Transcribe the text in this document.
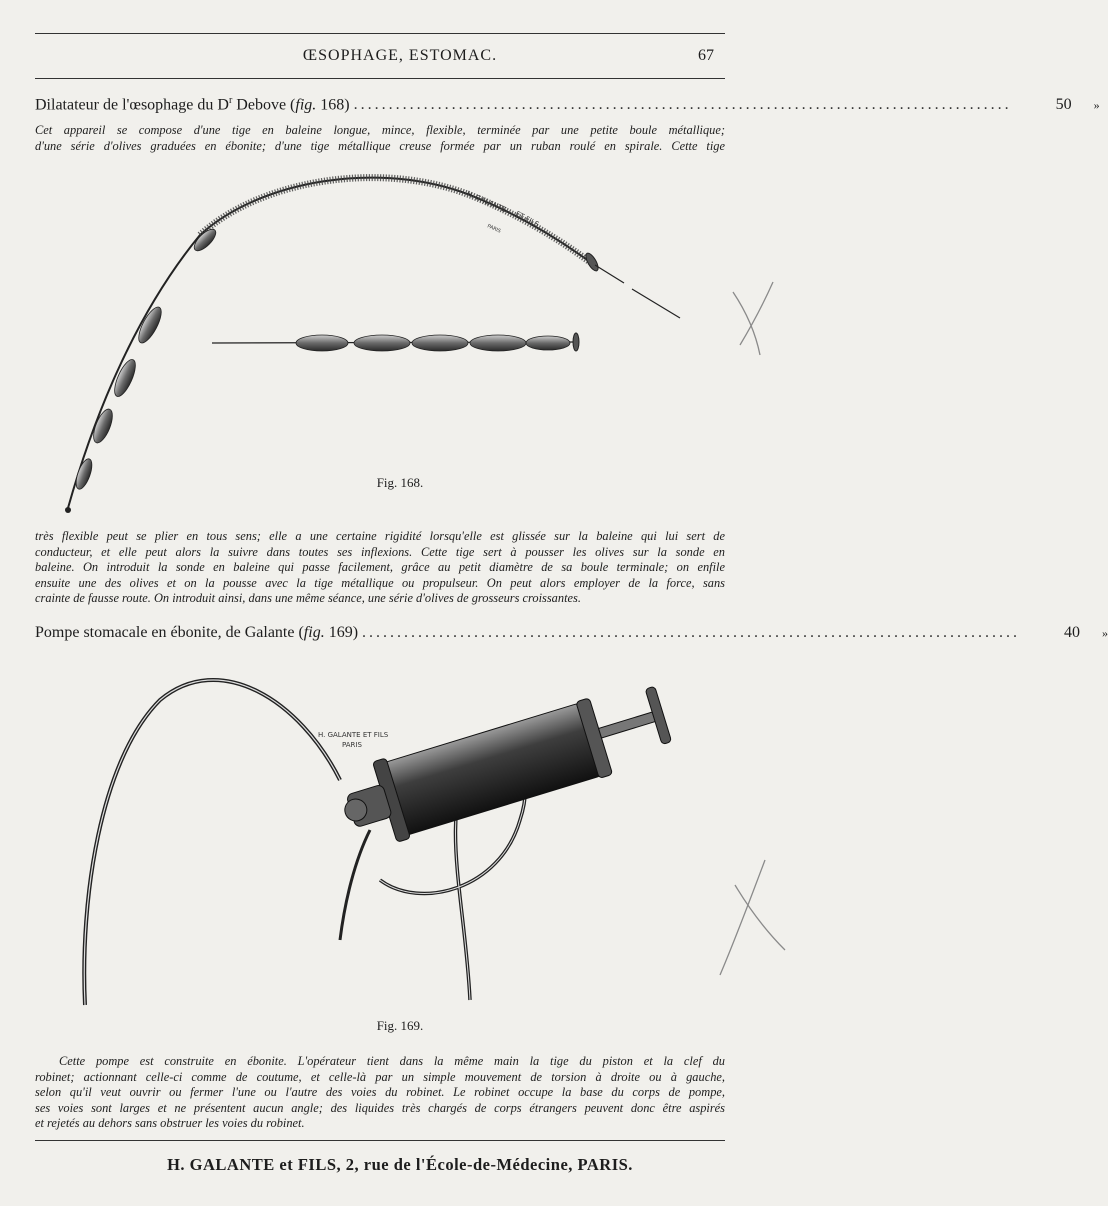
ŒSOPHAGE, ESTOMAC.	67
Dilatateur de l'œsophage du $D^r$ Debove (fig. 168) ..............................................................................................	50	»
Cet appareil se compose d'une tige en baleine longue, mince, flexible, terminée par une petite boule métallique;
d'une série d'olives graduées en ébonite; d'une tige métallique creuse formée par un ruban roulé en spirale. Cette tige
H. GALANTE
ET FILS
PARIS
Fig. 168.
très flexible peut se plier en tous sens; elle a une certaine rigidité lorsqu'elle est glissée sur la baleine qui lui sert de
conducteur, et elle peut alors la suivre dans toutes ses inflexions. Cette tige sert à pousser les olives sur la sonde en
baleine. On introduit la sonde en baleine qui passe facilement, grâce au petit diamètre de sa boule terminale; on enfile
ensuite une des olives et on la pousse avec la tige métallique ou propulseur. On peut alors employer de la force, sans
crainte de fausse route. On introduit ainsi, dans une même séance, une série d'olives de grosseurs croissantes.
Pompe stomacale en ébonite, de Galante (fig. 169) ..............................................................................................	40	»
H. GALANTE ET FILS
PARIS
Fig. 169.
Cette pompe est construite en ébonite. L'opérateur tient dans la même main la tige du piston et la clef du
robinet; actionnant celle-ci comme de coutume, et celle-là par un simple mouvement de torsion à droite ou à gauche,
selon qu'il veut ouvrir ou fermer l'une ou l'autre des voies du robinet. Le robinet occupe la base du corps de pompe,
ses voies sont larges et ne présentent aucun angle; des liquides très chargés de corps étrangers peuvent donc être aspirés
et rejetés au dehors sans obstruer les voies du robinet.
H. GALANTE et FILS, 2, rue de l'École-de-Médecine, PARIS.
